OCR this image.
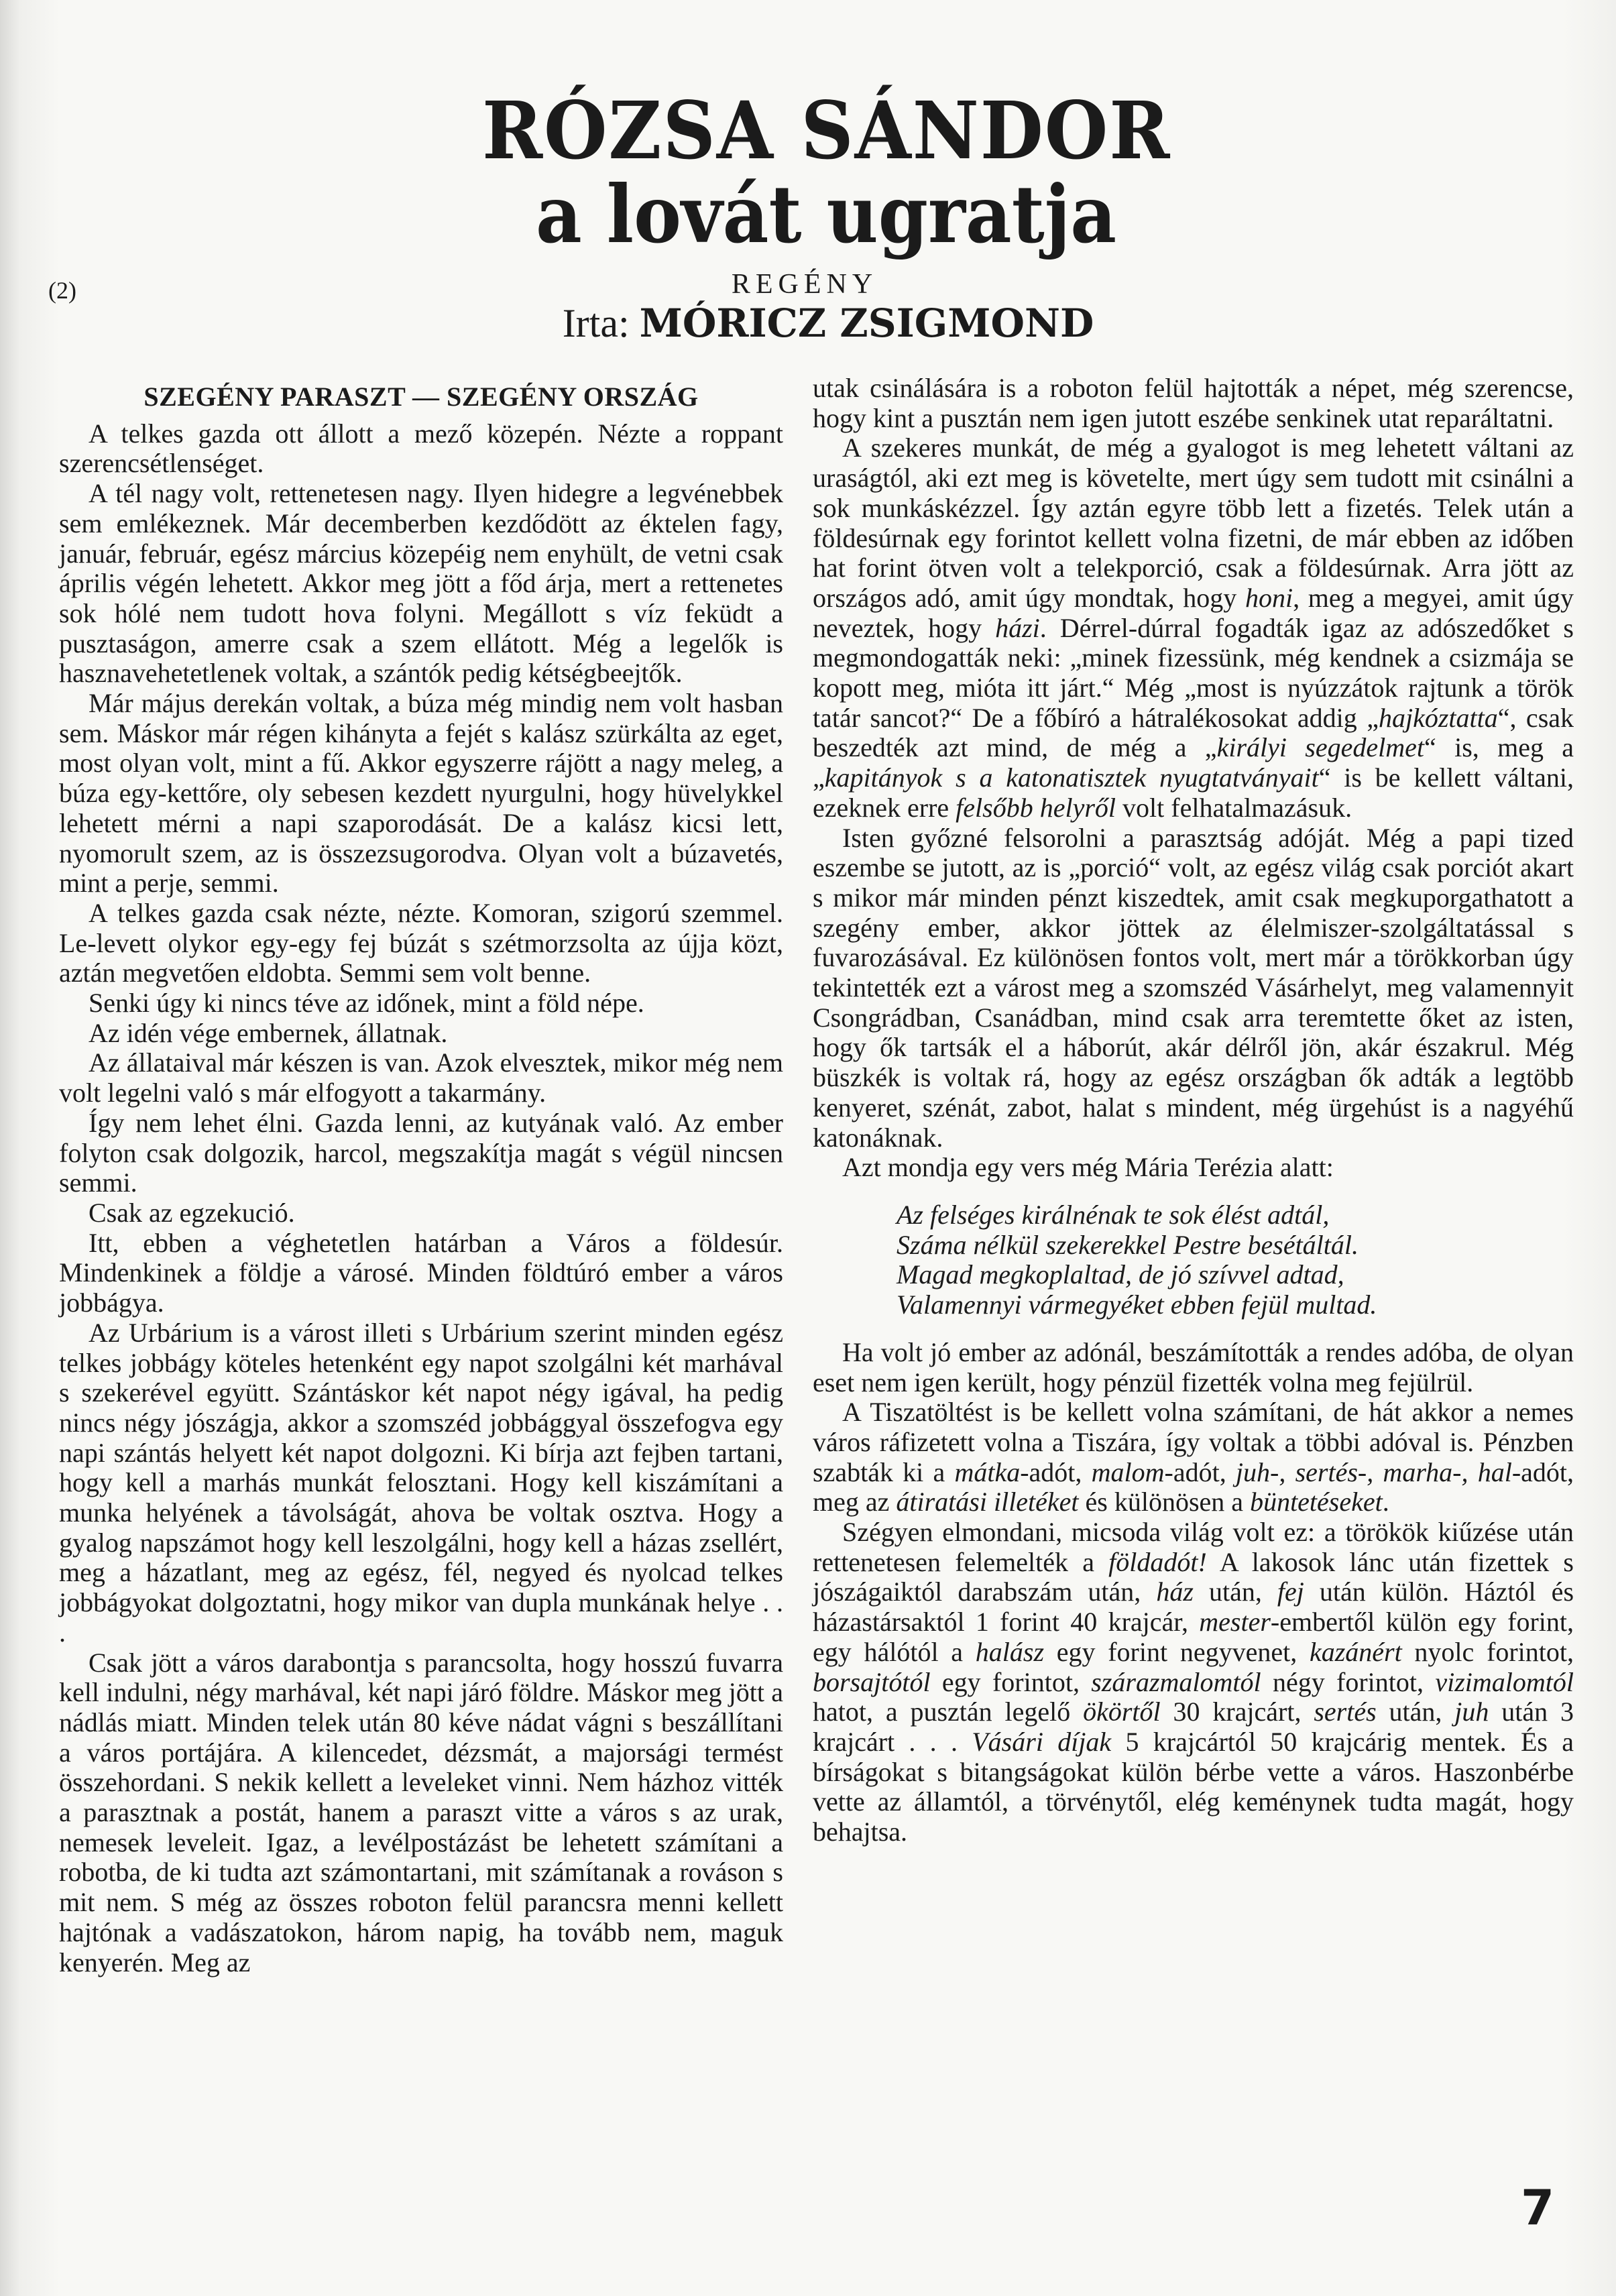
RÓZSA SÁNDOR
a lovát ugratja
(2)	REGÉNY
Irta: MÓRICZ ZSIGMOND
SZEGÉNY PARASZT — SZEGÉNY ORSZÁG

A telkes gazda ott állott a mező közepén. Nézte a roppant szerencsétlenséget.

A tél nagy volt, rettenetesen nagy. Ilyen hidegre a legvénebbek sem emlékeznek. Már decemberben kezdődött az éktelen fagy, január, február, egész március közepéig nem enyhült, de vetni csak április végén lehetett. Akkor meg jött a főd árja, mert a rettenetes sok hólé nem tudott hova folyni. Megállott s víz feküdt a pusztaságon, amerre csak a szem ellátott. Még a legelők is hasznavehetetlenek voltak, a szántók pedig kétségbeejtők.

Már május derekán voltak, a búza még mindig nem volt hasban sem. Máskor már régen kihányta a fejét s kalász szürkálta az eget, most olyan volt, mint a fű. Akkor egyszerre rájött a nagy meleg, a búza egy-kettőre, oly sebesen kezdett nyurgulni, hogy hüvelykkel lehetett mérni a napi szaporodását. De a kalász kicsi lett, nyomorult szem, az is összezsugorodva. Olyan volt a búzavetés, mint a perje, semmi.

A telkes gazda csak nézte, nézte. Komoran, szigorú szemmel. Le-levett olykor egy-egy fej búzát s szétmorzsolta az újja közt, aztán megvetően eldobta. Semmi sem volt benne.

Senki úgy ki nincs téve az időnek, mint a föld népe.

Az idén vége embernek, állatnak.

Az állataival már készen is van. Azok elvesztek, mikor még nem volt legelni való s már elfogyott a takarmány.

Így nem lehet élni. Gazda lenni, az kutyának való. Az ember folyton csak dolgozik, harcol, megszakítja magát s végül nincsen semmi.

Csak az egzekució.

Itt, ebben a véghetetlen határban a Város a földesúr. Mindenkinek a földje a városé. Minden földtúró ember a város jobbágya.

Az Urbárium is a várost illeti s Urbárium szerint minden egész telkes jobbágy köteles hetenként egy napot szolgálni két marhával s szekerével együtt. Szántáskor két napot négy igával, ha pedig nincs négy jószágja, akkor a szomszéd jobbággyal összefogva egy napi szántás helyett két napot dolgozni. Ki bírja azt fejben tartani, hogy kell a marhás munkát felosztani. Hogy kell kiszámítani a munka helyének a távolságát, ahova be voltak osztva. Hogy a gyalog napszámot hogy kell leszolgálni, hogy kell a házas zsellért, meg a házatlant, meg az egész, fél, negyed és nyolcad telkes jobbágyokat dolgoztatni, hogy mikor van dupla munkának helye . . .

Csak jött a város darabontja s parancsolta, hogy hosszú fuvarra kell indulni, négy marhával, két napi járó földre. Máskor meg jött a nádlás miatt. Minden telek után 80 kéve nádat vágni s beszállítani a város portájára. A kilencedet, dézsmát, a majorsági termést összehordani. S nekik kellett a leveleket vinni. Nem házhoz vitték a parasztnak a postát, hanem a paraszt vitte a város s az urak, nemesek leveleit. Igaz, a levélpostázást be lehetett számítani a robotba, de ki tudta azt számontartani, mit számítanak a rováson s mit nem. S még az összes roboton felül parancsra menni kellett hajtónak a vadászatokon, három napig, ha tovább nem, maguk kenyerén. Meg az

utak csinálására is a roboton felül hajtották a népet, még szerencse, hogy kint a pusztán nem igen jutott eszébe senkinek utat reparáltatni.

A szekeres munkát, de még a gyalogot is meg lehetett váltani az uraságtól, aki ezt meg is követelte, mert úgy sem tudott mit csinálni a sok munkáskézzel. Így aztán egyre több lett a fizetés. Telek után a földesúrnak egy forintot kellett volna fizetni, de már ebben az időben hat forint ötven volt a telekporció, csak a földesúrnak. Arra jött az országos adó, amit úgy mondtak, hogy honi, meg a megyei, amit úgy neveztek, hogy házi. Dérrel-dúrral fogadták igaz az adószedőket s megmondogatták neki: „minek fizessünk, még kendnek a csizmája se kopott meg, mióta itt járt.“ Még „most is nyúzzátok rajtunk a török tatár sancot?“ De a főbíró a hátralékosokat addig „hajkóztatta“, csak beszedték azt mind, de még a „királyi segedelmet“ is, meg a „kapitányok s a katonatisztek nyugtatványait“ is be kellett váltani, ezeknek erre felsőbb helyről volt felhatalmazásuk.

Isten győzné felsorolni a parasztság adóját. Még a papi tized eszembe se jutott, az is „porció“ volt, az egész világ csak porciót akart s mikor már minden pénzt kiszedtek, amit csak megkuporgathatott a szegény ember, akkor jöttek az élelmiszer-szolgáltatással s fuvarozásával. Ez különösen fontos volt, mert már a törökkorban úgy tekintették ezt a várost meg a szomszéd Vásárhelyt, meg valamennyit Csongrádban, Csanádban, mind csak arra teremtette őket az isten, hogy ők tartsák el a háborút, akár délről jön, akár északrul. Még büszkék is voltak rá, hogy az egész országban ők adták a legtöbb kenyeret, szénát, zabot, halat s mindent, még ürgehúst is a nagyéhű katonáknak.

Azt mondja egy vers még Mária Terézia alatt:

Az felséges királnénak te sok élést adtál,
Száma nélkül szekerekkel Pestre besétáltál.
Magad megkoplaltad, de jó szívvel adtad,
Valamennyi vármegyéket ebben fejül multad.

Ha volt jó ember az adónál, beszámították a rendes adóba, de olyan eset nem igen került, hogy pénzül fizették volna meg fejülrül.

A Tiszatöltést is be kellett volna számítani, de hát akkor a nemes város ráfizetett volna a Tiszára, így voltak a többi adóval is. Pénzben szabták ki a mátka-adót, malom-adót, juh-, sertés-, marha-, hal-adót, meg az átiratási illetéket és különösen a büntetéseket.

Szégyen elmondani, micsoda világ volt ez: a törökök kiűzése után rettenetesen felemelték a földadót! A lakosok lánc után fizettek s jószágaiktól darabszám után, ház után, fej után külön. Háztól és házastársaktól 1 forint 40 krajcár, mester-embertől külön egy forint, egy hálótól a halász egy forint negyvenet, kazánért nyolc forintot, borsajtótól egy forintot, szárazmalomtól négy forintot, vizimalomtól hatot, a pusztán legelő ökörtől 30 krajcárt, sertés után, juh után 3 krajcárt . . . Vásári díjak 5 krajcártól 50 krajcárig mentek. És a bírságokat s bitangságokat külön bérbe vette a város. Haszonbérbe vette az államtól, a törvénytől, elég keménynek tudta magát, hogy behajtsa.

7
